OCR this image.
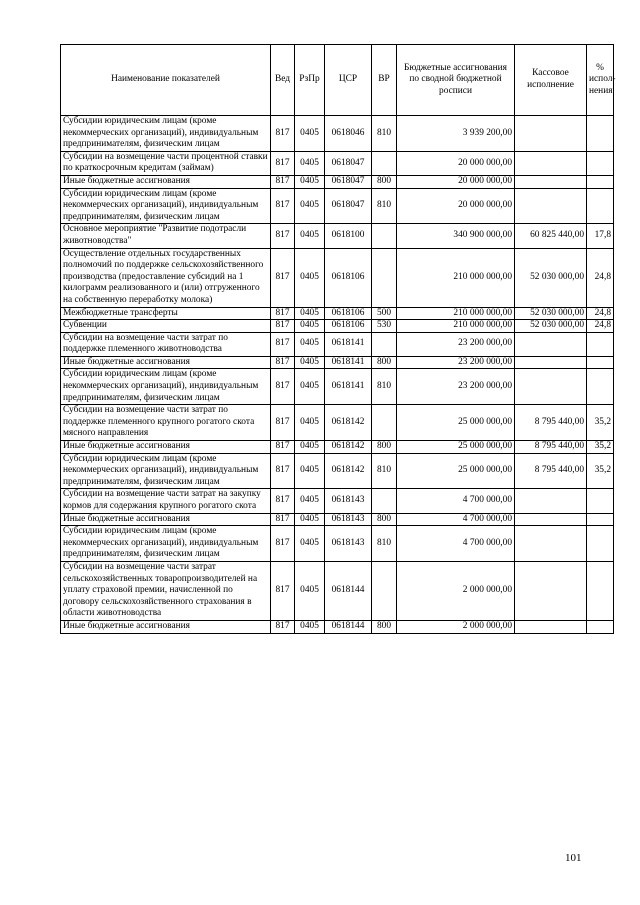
Наименование показателей	Вед	РзПр	ЦСР	ВР	Бюджетные ассигнования по сводной бюджетной росписи	Кассовое исполнение	% испол-нения
Субсидии юридическим лицам (кроме некоммерческих организаций), индивидуальным предпринимателям, физическим лицам	817	0405	0618046	810	3 939 200,00		
Субсидии на возмещение части процентной ставки по краткосрочным кредитам (займам)	817	0405	0618047		20 000 000,00		
Иные бюджетные ассигнования	817	0405	0618047	800	20 000 000,00		
Субсидии юридическим лицам (кроме некоммерческих организаций), индивидуальным предпринимателям, физическим лицам	817	0405	0618047	810	20 000 000,00		
Основное мероприятие "Развитие подотрасли животноводства"	817	0405	0618100		340 900 000,00	60 825 440,00	17,8
Осуществление отдельных государственных полномочий по поддержке сельскохозяйственного производства (предоставление субсидий на 1 килограмм реализованного и (или) отгруженного на собственную переработку молока)	817	0405	0618106		210 000 000,00	52 030 000,00	24,8
Межбюджетные трансферты	817	0405	0618106	500	210 000 000,00	52 030 000,00	24,8
Субвенции	817	0405	0618106	530	210 000 000,00	52 030 000,00	24,8
Субсидии на возмещение части затрат по поддержке племенного животноводства	817	0405	0618141		23 200 000,00		
Иные бюджетные ассигнования	817	0405	0618141	800	23 200 000,00		
Субсидии юридическим лицам (кроме некоммерческих организаций), индивидуальным предпринимателям, физическим лицам	817	0405	0618141	810	23 200 000,00		
Субсидии на возмещение части затрат по поддержке племенного крупного рогатого скота мясного направления	817	0405	0618142		25 000 000,00	8 795 440,00	35,2
Иные бюджетные ассигнования	817	0405	0618142	800	25 000 000,00	8 795 440,00	35,2
Субсидии юридическим лицам (кроме некоммерческих организаций), индивидуальным предпринимателям, физическим лицам	817	0405	0618142	810	25 000 000,00	8 795 440,00	35,2
Субсидии на возмещение части затрат на закупку кормов для содержания крупного рогатого скота	817	0405	0618143		4 700 000,00		
Иные бюджетные ассигнования	817	0405	0618143	800	4 700 000,00		
Субсидии юридическим лицам (кроме некоммерческих организаций), индивидуальным предпринимателям, физическим лицам	817	0405	0618143	810	4 700 000,00		
Субсидии на возмещение части затрат сельскохозяйственных товаропроизводителей на уплату страховой премии, начисленной по договору сельскохозяйственного страхования в области животноводства	817	0405	0618144		2 000 000,00		
Иные бюджетные ассигнования	817	0405	0618144	800	2 000 000,00		
101
